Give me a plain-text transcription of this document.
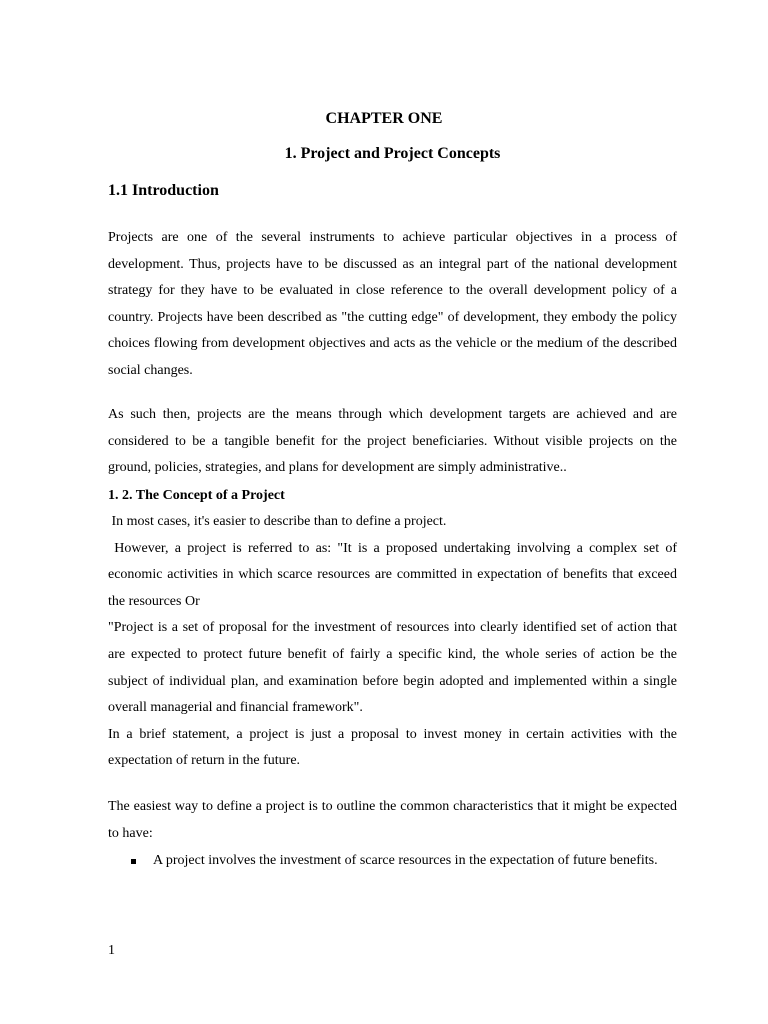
CHAPTER ONE
1. Project and Project Concepts
1.1 Introduction

Projects are one of the several instruments to achieve particular objectives in a process of development. Thus, projects have to be discussed as an integral part of the national development strategy for they have to be evaluated in close reference to the overall development policy of a country. Projects have been described as "the cutting edge" of development, they embody the policy choices flowing from development objectives and acts as the vehicle or the medium of the described social changes.

As such then, projects are the means through which development targets are achieved and are considered to be a tangible benefit for the project beneficiaries. Without visible projects on the ground, policies, strategies, and plans for development are simply administrative..

1. 2. The Concept of a Project
In most cases, it's easier to describe than to define a project.
However, a project is referred to as: "It is a proposed undertaking involving a complex set of economic activities in which scarce resources are committed in expectation of benefits that exceed the resources Or
"Project is a set of proposal for the investment of resources into clearly identified set of action that are expected to protect future benefit of fairly a specific kind, the whole series of action be the subject of individual plan, and examination before begin adopted and implemented within a single overall managerial and financial framework".
In a brief statement, a project is just a proposal to invest money in certain activities with the expectation of return in the future.

The easiest way to define a project is to outline the common characteristics that it might be expected to have:

A project involves the investment of scarce resources in the expectation of future benefits.

1
